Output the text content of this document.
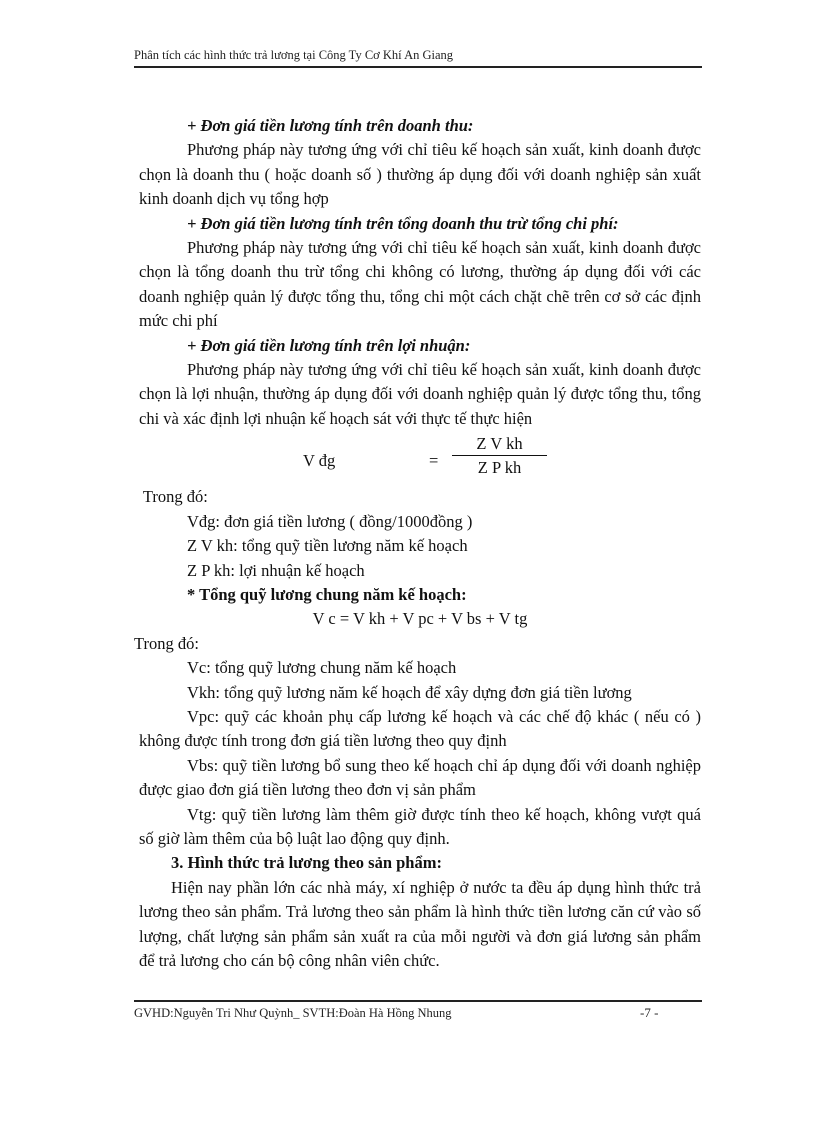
Phân tích các hình thức trả lương tại Công Ty Cơ Khí An Giang

+ Đơn giá tiền lương tính trên doanh thu:

Phương pháp này tương ứng với chỉ tiêu kế hoạch sản xuất, kinh doanh được chọn là doanh thu ( hoặc doanh số ) thường áp dụng đối với doanh nghiệp sản xuất kinh doanh dịch vụ tổng hợp

+ Đơn giá tiền lương tính trên tổng doanh thu trừ tổng chi phí:

Phương pháp này tương ứng với chỉ tiêu kế hoạch sản xuất, kinh doanh được chọn là tổng doanh thu trừ tổng chi không có lương, thường áp dụng đối với các doanh nghiệp quản lý được tổng thu, tổng chi một cách chặt chẽ trên cơ sở các định mức chi phí

+ Đơn giá tiền lương tính trên lợi nhuận:

Phương pháp này tương ứng với chỉ tiêu kế hoạch sản xuất, kinh doanh được chọn là lợi nhuận, thường áp dụng đối với doanh nghiệp quản lý được tổng thu, tổng chi và xác định lợi nhuận kế hoạch sát với thực tế thực hiện

V đg	= $\frac{\text{Z V kh}}{\text{Z P kh}}$

Trong đó:

Vđg: đơn giá tiền lương ( đồng/1000đồng )

Z V kh: tổng quỹ tiền lương năm kế hoạch

Z P kh: lợi nhuận kế hoạch

* Tổng quỹ lương chung năm kế hoạch:

V c = V kh + V pc + V bs + V tg

Trong đó:

Vc: tổng quỹ lương chung năm kế hoạch

Vkh: tổng quỹ lương năm kế hoạch để xây dựng đơn giá tiền lương

Vpc: quỹ các khoản phụ cấp lương kế hoạch và các chế độ khác ( nếu có ) không được tính trong đơn giá tiền lương theo quy định

Vbs: quỹ tiền lương bổ sung theo kế hoạch chỉ áp dụng đối với doanh nghiệp được giao đơn giá tiền lương theo đơn vị sản phẩm

Vtg: quỹ tiền lương làm thêm giờ được tính theo kế hoạch, không vượt quá số giờ làm thêm của bộ luật lao động quy định.

3. Hình thức trả lương theo sản phẩm:

Hiện nay phần lớn các nhà máy, xí nghiệp ở nước ta đều áp dụng hình thức trả lương theo sản phẩm. Trả lương theo sản phẩm là hình thức tiền lương căn cứ vào số lượng, chất lượng sản phẩm sản xuất ra của mỗi người và đơn giá lương sản phẩm để trả lương cho cán bộ công nhân viên chức.

GVHD:Nguyễn Tri Như Quỳnh_ SVTH:Đoàn Hà Hồng Nhung	-7 -
